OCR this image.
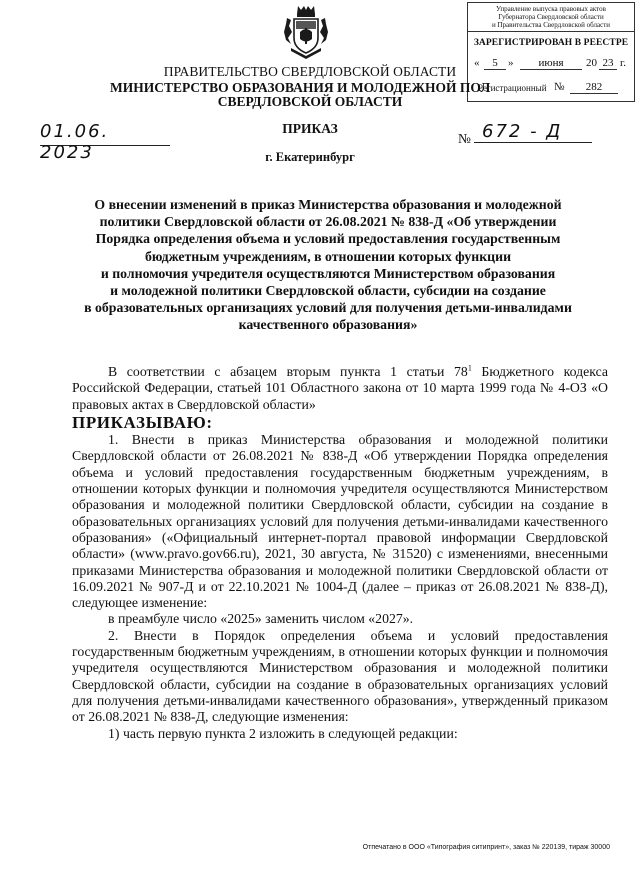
Управление выпуска правовых актов
Губернатора Свердловской области
и Правительства Свердловской области
ЗАРЕГИСТРИРОВАН В РЕЕСТРЕ
«	5 »	июня	20 23 г.
Регистрационный №	282
ПРАВИТЕЛЬСТВО СВЕРДЛОВСКОЙ ОБЛАСТИ
МИНИСТЕРСТВО ОБРАЗОВАНИЯ И МОЛОДЕЖНОЙ ПОЛ
СВЕРДЛОВСКОЙ ОБЛАСТИ
01.06. 2023
ПРИКАЗ
№ 672 - Д
г. Екатеринбург
О внесении изменений в приказ Министерства образования и молодежной
политики Свердловской области от 26.08.2021 № 838-Д «Об утверждении
Порядка определения объема и условий предоставления государственным
бюджетным учреждениям, в отношении которых функции
и полномочия учредителя осуществляются Министерством образования
и молодежной политики Свердловской области, субсидии на создание
в образовательных организациях условий для получения детьми-инвалидами
качественного образования»

В соответствии с абзацем вторым пункта 1 статьи $78^1$ Бюджетного кодекса Российской Федерации, статьей 101 Областного закона от 10 марта 1999 года № 4-ОЗ «О правовых актах в Свердловской области»

ПРИКАЗЫВАЮ:

1. Внести в приказ Министерства образования и молодежной политики Свердловской области от 26.08.2021 № 838-Д «Об утверждении Порядка определения объема и условий предоставления государственным бюджетным учреждениям, в отношении которых функции и полномочия учредителя осуществляются Министерством образования и молодежной политики Свердловской области, субсидии на создание в образовательных организациях условий для получения детьми-инвалидами качественного образования» («Официальный интернет-портал правовой информации Свердловской области» (www.pravo.gov66.ru), 2021, 30 августа, № 31520) с изменениями, внесенными приказами Министерства образования и молодежной политики Свердловской области от 16.09.2021 № 907-Д и от 22.10.2021 № 1004-Д (далее – приказ от 26.08.2021 № 838-Д), следующее изменение:

в преамбуле число «2025» заменить числом «2027».

2. Внести в Порядок определения объема и условий предоставления государственным бюджетным учреждениям, в отношении которых функции и полномочия учредителя осуществляются Министерством образования и молодежной политики Свердловской области, субсидии на создание в образовательных организациях условий для получения детьми-инвалидами качественного образования», утвержденный приказом от 26.08.2021 № 838-Д, следующие изменения:

1) часть первую пункта 2 изложить в следующей редакции:

Отпечатано в ООО «Типография ситипринт», заказ № 220139, тираж 30000
